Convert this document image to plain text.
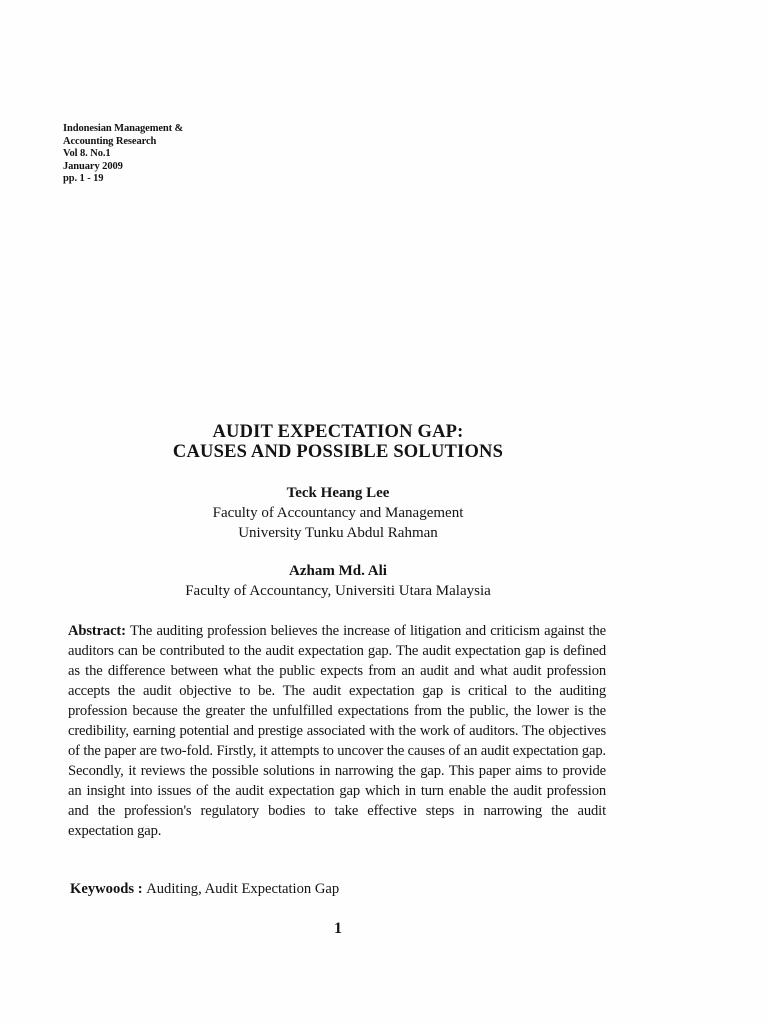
Indonesian Management &
Accounting Research
Vol 8. No.1
January 2009
pp. 1 - 19
AUDIT EXPECTATION GAP:
CAUSES AND POSSIBLE SOLUTIONS
Teck Heang Lee
Faculty of Accountancy and Management
University Tunku Abdul Rahman
Azham Md. Ali
Faculty of Accountancy, Universiti Utara Malaysia
Abstract: The auditing profession believes the increase of litigation and criticism against the auditors can be contributed to the audit expectation gap. The audit expectation gap is defined as the difference between what the public expects from an audit and what audit profession accepts the audit objective to be. The audit expectation gap is critical to the auditing profession because the greater the unfulfilled expectations from the public, the lower is the credibility, earning potential and prestige associated with the work of auditors. The objectives of the paper are two-fold. Firstly, it attempts to uncover the causes of an audit expectation gap. Secondly, it reviews the possible solutions in narrowing the gap. This paper aims to provide an insight into issues of the audit expectation gap which in turn enable the audit profession and the profession's regulatory bodies to take effective steps in narrowing the audit expectation gap.
Keywoods : Auditing, Audit Expectation Gap
1
